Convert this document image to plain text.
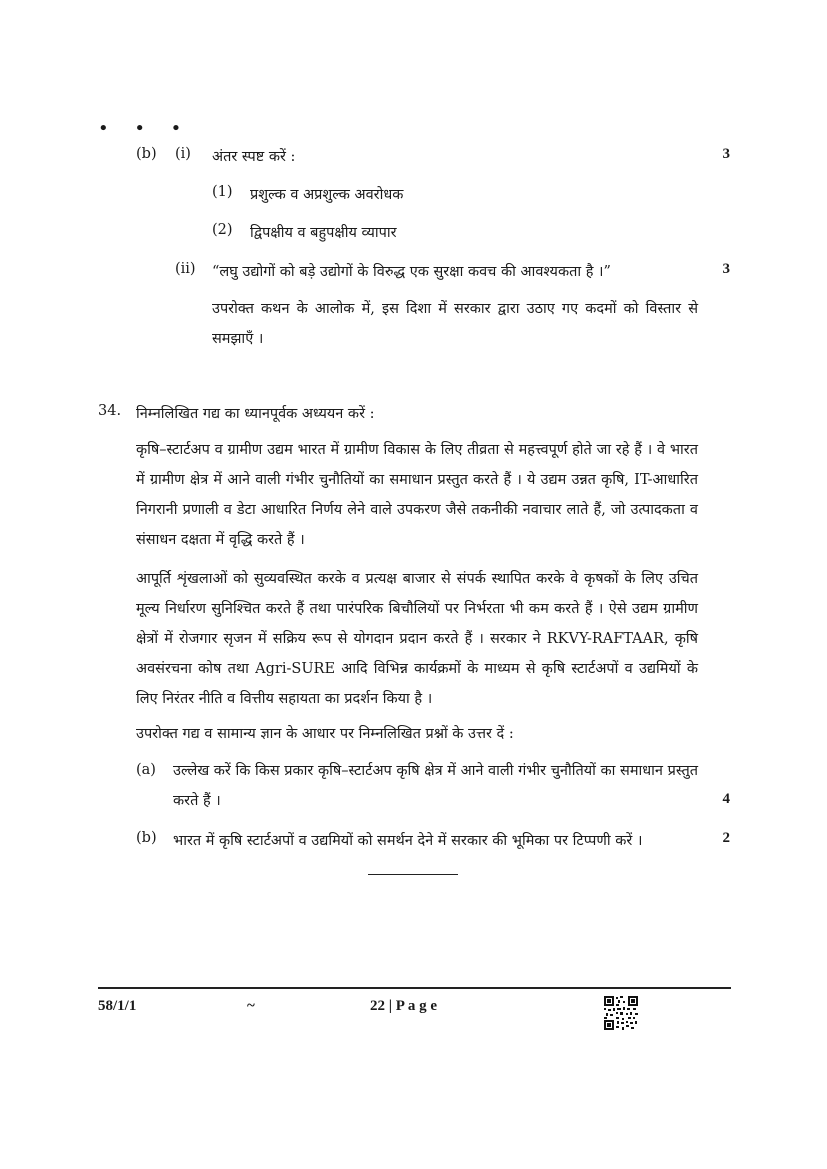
• • •
(b) (i) अंतर स्पष्ट करें :	3
(1) प्रशुल्क व अप्रशुल्क अवरोधक
(2) द्विपक्षीय व बहुपक्षीय व्यापार
(ii) “लघु उद्योगों को बड़े उद्योगों के विरुद्ध एक सुरक्षा कवच की आवश्यकता है ।”	3
उपरोक्त कथन के आलोक में, इस दिशा में सरकार द्वारा उठाए गए कदमों को विस्तार से समझाएँ ।
34. निम्नलिखित गद्य का ध्यानपूर्वक अध्ययन करें :
कृषि–स्टार्टअप व ग्रामीण उद्यम भारत में ग्रामीण विकास के लिए तीव्रता से महत्त्वपूर्ण होते जा रहे हैं । वे भारत में ग्रामीण क्षेत्र में आने वाली गंभीर चुनौतियों का समाधान प्रस्तुत करते हैं । ये उद्यम उन्नत कृषि, IT-आधारित निगरानी प्रणाली व डेटा आधारित निर्णय लेने वाले उपकरण जैसे तकनीकी नवाचार लाते हैं, जो उत्पादकता व संसाधन दक्षता में वृद्धि करते हैं ।
आपूर्ति शृंखलाओं को सुव्यवस्थित करके व प्रत्यक्ष बाजार से संपर्क स्थापित करके वे कृषकों के लिए उचित मूल्य निर्धारण सुनिश्चित करते हैं तथा पारंपरिक बिचौलियों पर निर्भरता भी कम करते हैं । ऐसे उद्यम ग्रामीण क्षेत्रों में रोजगार सृजन में सक्रिय रूप से योगदान प्रदान करते हैं । सरकार ने RKVY-RAFTAAR, कृषि अवसंरचना कोष तथा Agri-SURE आदि विभिन्न कार्यक्रमों के माध्यम से कृषि स्टार्टअपों व उद्यमियों के लिए निरंतर नीति व वित्तीय सहायता का प्रदर्शन किया है ।
उपरोक्त गद्य व सामान्य ज्ञान के आधार पर निम्नलिखित प्रश्नों के उत्तर दें :
(a) उल्लेख करें कि किस प्रकार कृषि–स्टार्टअप कृषि क्षेत्र में आने वाली गंभीर चुनौतियों का समाधान प्रस्तुत करते हैं ।	4
(b) भारत में कृषि स्टार्टअपों व उद्यमियों को समर्थन देने में सरकार की भूमिका पर टिप्पणी करें ।	2
58/1/1	~	22 | P a g e
